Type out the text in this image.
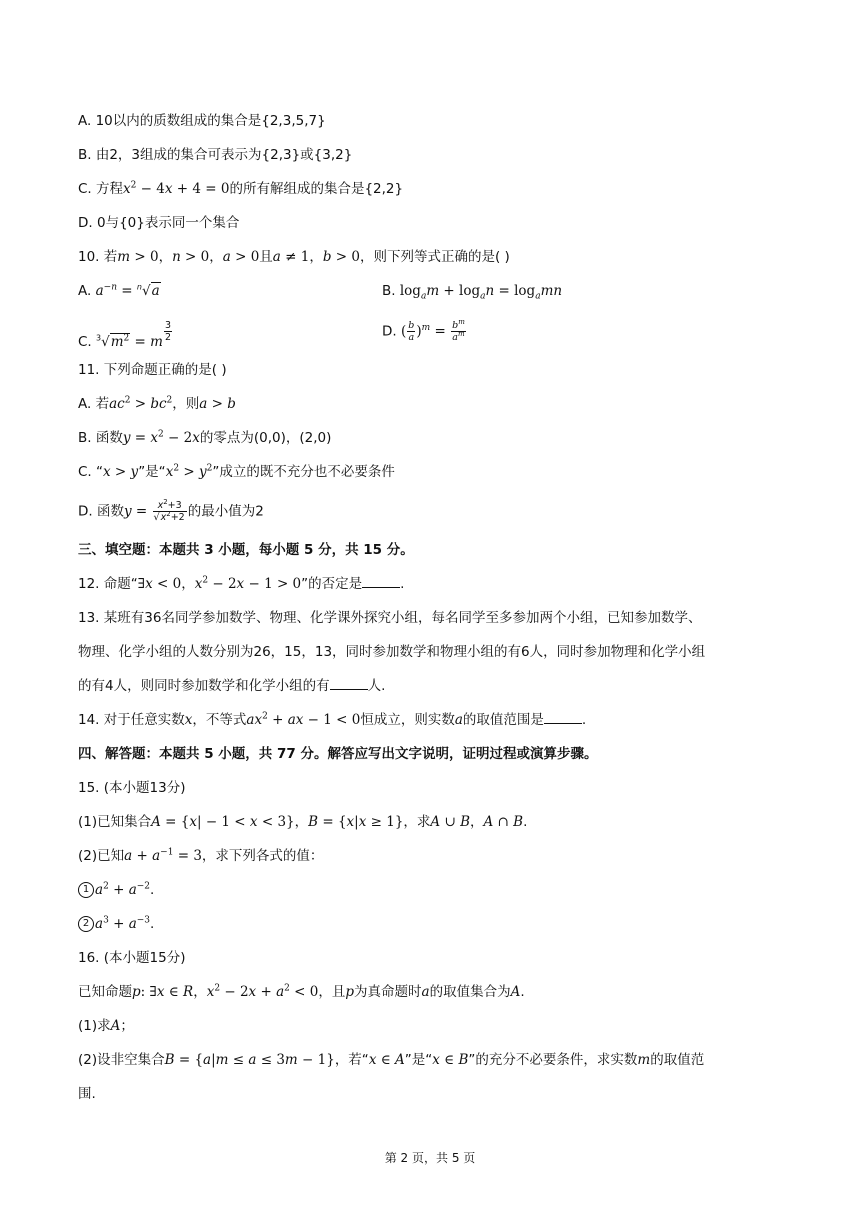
A. 10以内的质数组成的集合是{2,3,5,7}
B. 由2，3组成的集合可表示为{2,3}或{3,2}
C. 方程$x^2 - 4x + 4 = 0$的所有解组成的集合是{2,2}
D. 0与{0}表示同一个集合
10. 若m > 0，n > 0，a > 0且a ≠ 1，b > 0，则下列等式正确的是( )
A. $a^{-n} = ^n√a$	B. $\log_am + \log_an = \log_amn$
C. $^3√m^2 = m$ $^{\frac{3}{2}}$	D. ( $\frac{b}{a} )^m = \frac{b^m}{a^m}$
11. 下列命题正确的是( )
A. 若$ac^2 > bc^2$，则a > b
B. 函数$y = x^2 - 2x$的零点为(0,0)，(2,0)
C. “x > y”是“$x^2 > y^2$”成立的既不充分也不必要条件
D. 函数$y = \frac{x^2+3}{√x^2+2}$ 的最小值为2
三、填空题：本题共 3 小题，每小题 5 分，共 15 分。
12. 命题“∃x < 0，$x^2 - 2x - 1 > 0$”的否定是	.
13. 某班有36名同学参加数学、物理、化学课外探究小组，每名同学至多参加两个小组，已知参加数学、
物理、化学小组的人数分别为26，15，13，同时参加数学和物理小组的有6人，同时参加物理和化学小组
的有4人，则同时参加数学和化学小组的有	人.
14. 对于任意实数x，不等式$ax^2$ + ax − 1 < 0恒成立，则实数a的取值范围是	.
四、解答题：本题共 5 小题，共 77 分。解答应写出文字说明，证明过程或演算步骤。
15. (本小题13分)
(1)已知集合A = {x| − 1 < x < 3}，B = {x|x ≥ 1}，求A ∪ B，A ∩ B.
(2)已知$a + a^{-1} = 3$，求下列各式的值：
1 $a^2 + a^{-2}$.
2 $a^3 + a^{-3}$.
16. (本小题15分)
已知命题p: ∃x ∈ R，$x^2 - 2x + a^2 < 0$，且p为真命题时a的取值集合为A.
(1)求A；
(2)设非空集合B = {a|m ≤ a ≤ 3m − 1}，若“x ∈ A”是“x ∈ B”的充分不必要条件，求实数m的取值范
围.
第 2 页，共 5 页
